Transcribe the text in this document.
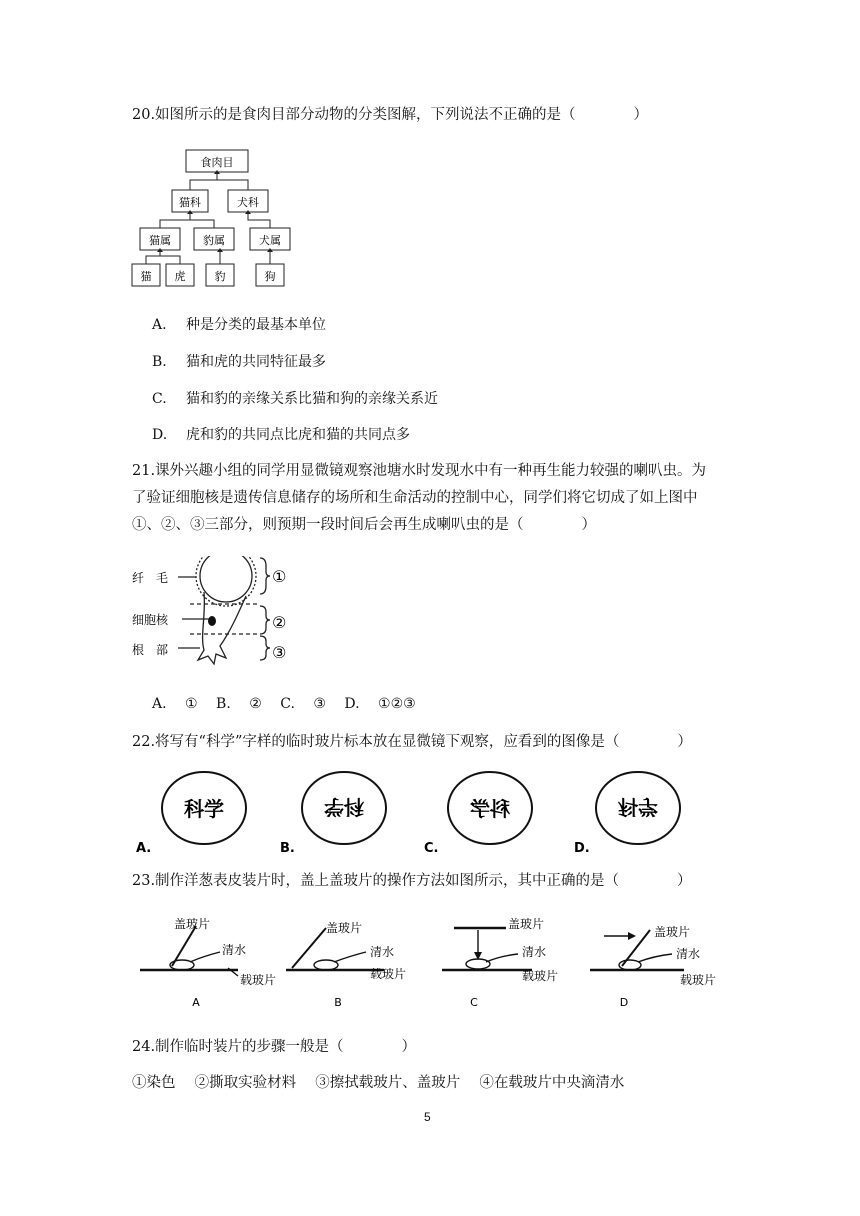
20.如图所示的是食肉目部分动物的分类图解，下列说法不正确的是（　　　　）
食肉目
猫科	犬科
猫属	豹属	犬属
猫 虎	豹	狗
A. 种是分类的最基本单位
B. 猫和虎的共同特征最多
C. 猫和豹的亲缘关系比猫和狗的亲缘关系近
D. 虎和豹的共同点比虎和猫的共同点多
21.课外兴趣小组的同学用显微镜观察池塘水时发现水中有一种再生能力较强的喇叭虫。为
了验证细胞核是遗传信息储存的场所和生命活动的控制中心，同学们将它切成了如上图中
①、②、③三部分，则预期一段时间后会再生成喇叭虫的是（　　　　）
纤　毛
细胞核
根　部
①
②
③
A. ① B. ② C. ③ D. ①②③
22.将写有“科学”字样的临时玻片标本放在显微镜下观察，应看到的图像是（　　　　）
科学	科学	科学	科学
A.	B.	C.	D.
23.制作洋葱表皮装片时，盖上盖玻片的操作方法如图所示，其中正确的是（　　　　）
盖玻片
清水
载玻片
盖玻片
清水
载玻片
盖玻片
清水
载玻片
盖玻片
清水
载玻片
A	B	C	D
24.制作临时装片的步骤一般是（　　　　）
①染色　 ②撕取实验材料　 ③擦拭载玻片、盖玻片　 ④在载玻片中央滴清水
5
